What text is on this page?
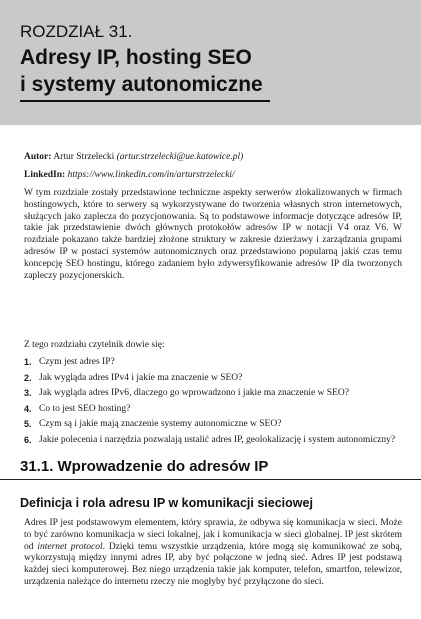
ROZDZIAŁ 31.
Adresy IP, hosting SEO
i systemy autonomiczne
Autor: Artur Strzelecki (artur.strzelecki@ue.katowice.pl)
LinkedIn: https://www.linkedin.com/in/arturstrzelecki/

W tym rozdziale zostały przedstawione techniczne aspekty serwerów zlokalizowanych w firmach hostingowych, które to serwery są wykorzystywane do tworzenia własnych stron internetowych, służących jako zaplecza do pozycjonowania. Są to podstawowe informacje dotyczące adresów IP, takie jak przedstawienie dwóch głównych protokołów adresów IP w notacji V4 oraz V6. W rozdziale pokazano także bardziej złożone struktury w zakresie dzierżawy i zarządzania grupami adresów IP w postaci systemów autonomicznych oraz przedstawiono popularną jakiś czas temu koncepcję SEO hostingu, którego zadaniem było zdywersyfikowanie adresów IP dla tworzonych zapleczy pozycjonerskich.

Z tego rozdziału czytelnik dowie się:

1. Czym jest adres IP?
2. Jak wygląda adres IPv4 i jakie ma znaczenie w SEO?
3. Jak wygląda adres IPv6, dlaczego go wprowadzono i jakie ma znaczenie w SEO?
4. Co to jest SEO hosting?
5. Czym są i jakie mają znaczenie systemy autonomiczne w SEO?
6. Jakie polecenia i narzędzia pozwalają ustalić adres IP, geolokalizację i system autonomiczny?
31.1. Wprowadzenie do adresów IP
Definicja i rola adresu IP w komunikacji sieciowej

Adres IP jest podstawowym elementem, który sprawia, że odbywa się komunikacja w sieci. Może to być zarówno komunikacja w sieci lokalnej, jak i komunikacja w sieci globalnej. IP jest skrótem od internet protocol. Dzięki temu wszystkie urządzenia, które mogą się komunikować ze sobą, wykorzystują między innymi adres IP, aby być połączone w jedną sieć. Adres IP jest podstawą każdej sieci komputerowej. Bez niego urządzenia takie jak komputer, telefon, smartfon, telewizor, urządzenia należące do internetu rzeczy nie mogłyby być przyłączone do sieci.
